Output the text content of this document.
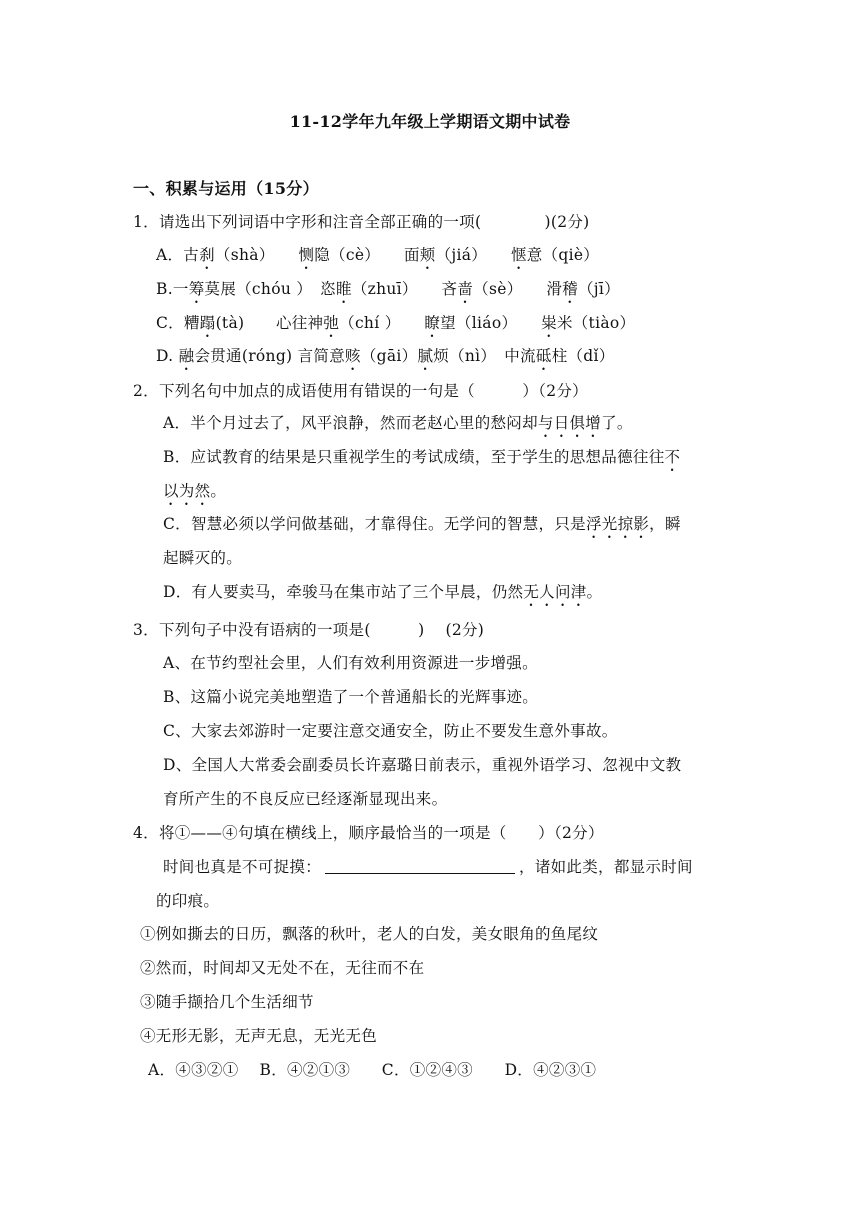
11-12学年九年级上学期语文期中试卷
一、积累与运用（15分）
1．请选出下列词语中字形和注音全部正确的一项(　　　　)(2分)
A．古刹（shà）　　恻隐（cè）　　面颊（jiá）　　惬意（qiè）
B.一筹莫展（chóu ）　恣睢（zhuī）　　吝啬（sè）　　滑稽（jī）
C．糟蹋(tà)　　心往神弛（chí ）　　瞭望（liáo）　　粜米（tiào）
D. 融会贯通(róng) 言简意赅（gāi）腻烦（nì）　中流砥柱（dǐ）
2．下列名句中加点的成语使用有错误的一句是（　　　）（2分）
A．半个月过去了，风平浪静，然而老赵心里的愁闷却与日俱增了。
B．应试教育的结果是只重视学生的考试成绩，至于学生的思想品德往往不
以为然。
C．智慧必须以学问做基础，才靠得住。无学问的智慧，只是浮光掠影，瞬
起瞬灭的。
D．有人要卖马，牵骏马在集市站了三个早晨，仍然无人问津。
3．下列句子中没有语病的一项是(　　　)　 (2分)
A、在节约型社会里，人们有效利用资源进一步增强。
B、这篇小说完美地塑造了一个普通船长的光辉事迹。
C、大家去郊游时一定要注意交通安全，防止不要发生意外事故。
D、全国人大常委会副委员长许嘉璐日前表示，重视外语学习、忽视中文教
育所产生的不良反应已经逐渐显现出来。
4．将①——④句填在横线上，顺序最恰当的一项是（　　）（2分）
时间也真是不可捉摸：	，诸如此类，都显示时间
的印痕。
①例如撕去的日历，飘落的秋叶，老人的白发，美女眼角的鱼尾纹
②然而，时间却又无处不在，无往而不在
③随手撷拾几个生活细节
④无形无影，无声无息，无光无色
A．④③②①　 B．④②①③　　C．①②④③　　D．④②③①
